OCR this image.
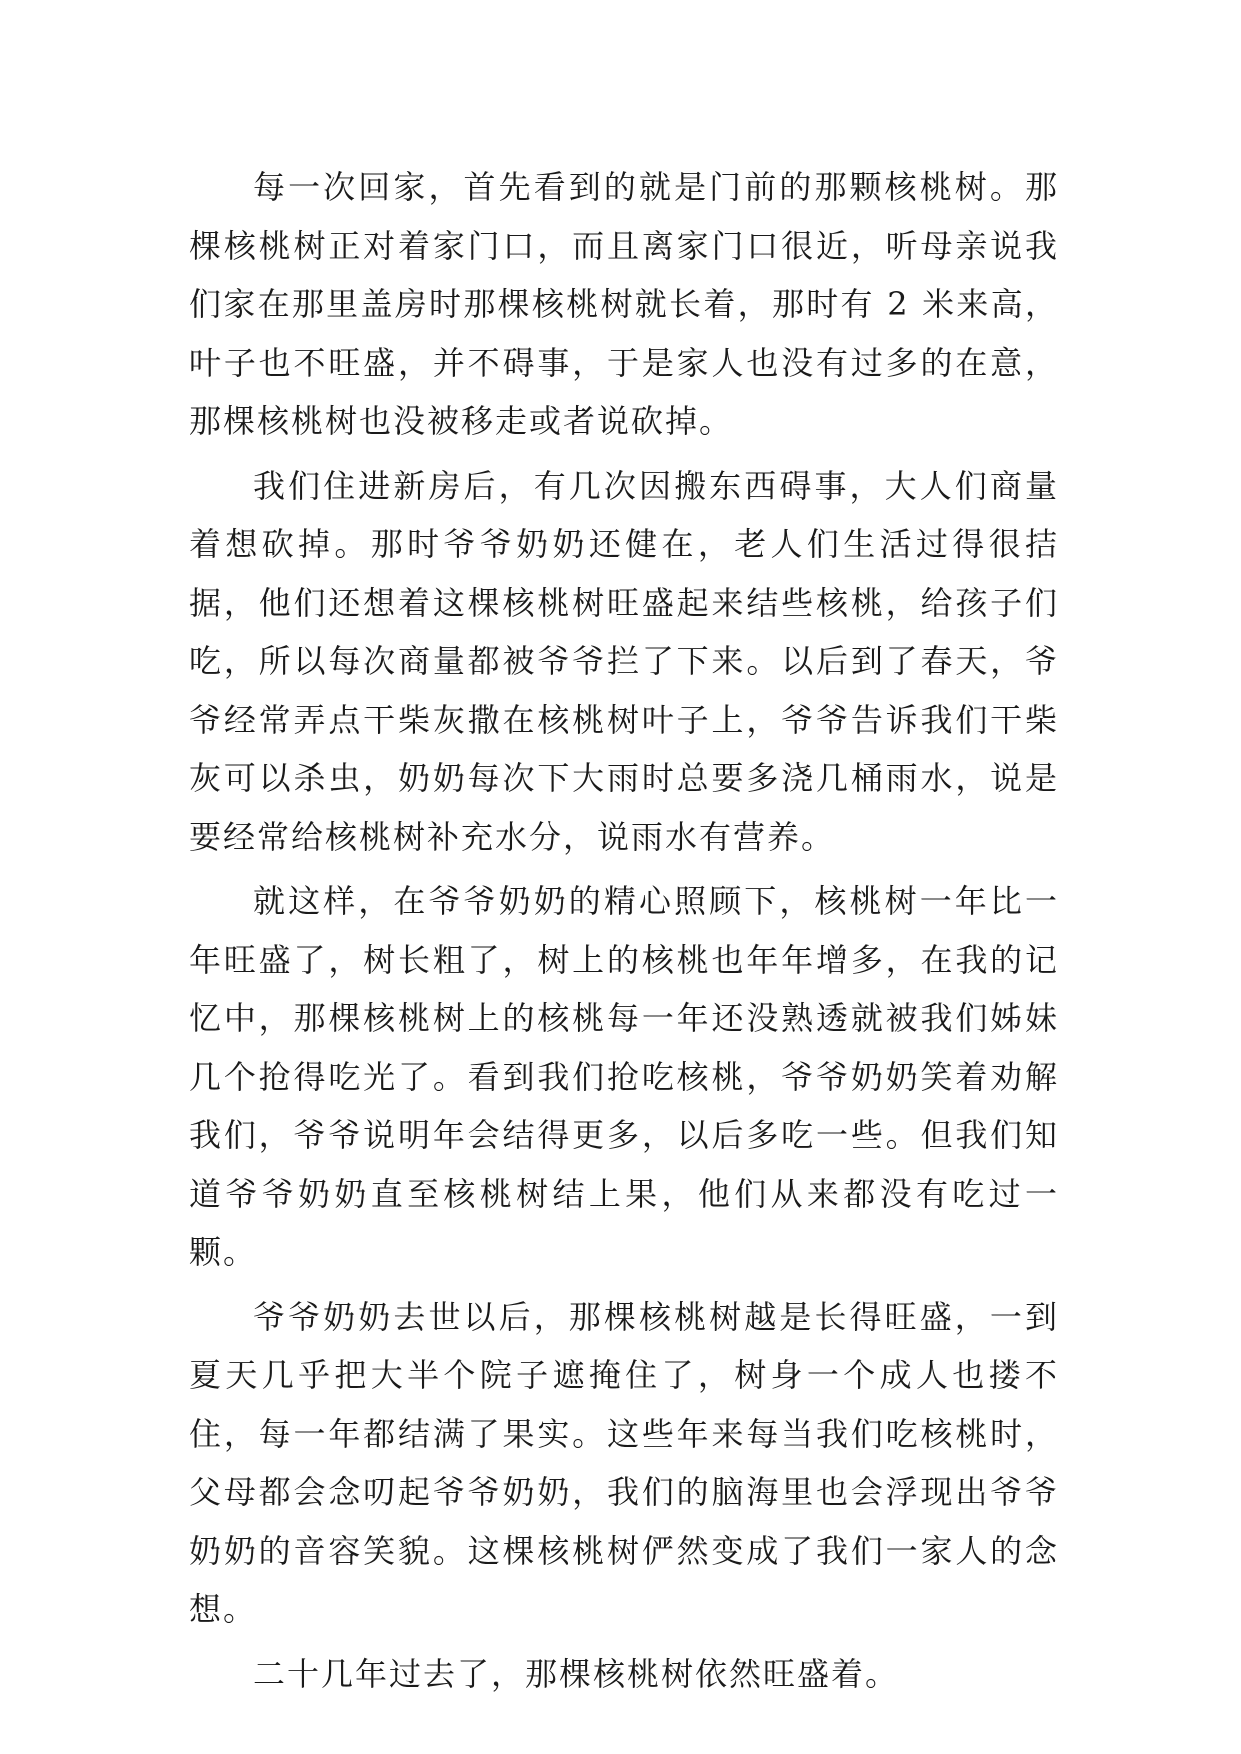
每一次回家，首先看到的就是门前的那颗核桃树。那棵核桃树正对着家门口，而且离家门口很近，听母亲说我们家在那里盖房时那棵核桃树就长着，那时有 2 米来高，叶子也不旺盛，并不碍事，于是家人也没有过多的在意，那棵核桃树也没被移走或者说砍掉。

我们住进新房后，有几次因搬东西碍事，大人们商量着想砍掉。那时爷爷奶奶还健在，老人们生活过得很拮据，他们还想着这棵核桃树旺盛起来结些核桃，给孩子们吃，所以每次商量都被爷爷拦了下来。以后到了春天，爷爷经常弄点干柴灰撒在核桃树叶子上，爷爷告诉我们干柴灰可以杀虫，奶奶每次下大雨时总要多浇几桶雨水，说是要经常给核桃树补充水分，说雨水有营养。

就这样，在爷爷奶奶的精心照顾下，核桃树一年比一年旺盛了，树长粗了，树上的核桃也年年增多，在我的记忆中，那棵核桃树上的核桃每一年还没熟透就被我们姊妹几个抢得吃光了。看到我们抢吃核桃，爷爷奶奶笑着劝解我们，爷爷说明年会结得更多，以后多吃一些。但我们知道爷爷奶奶直至核桃树结上果，他们从来都没有吃过一颗。

爷爷奶奶去世以后，那棵核桃树越是长得旺盛，一到夏天几乎把大半个院子遮掩住了，树身一个成人也搂不住，每一年都结满了果实。这些年来每当我们吃核桃时，父母都会念叨起爷爷奶奶，我们的脑海里也会浮现出爷爷奶奶的音容笑貌。这棵核桃树俨然变成了我们一家人的念想。

二十几年过去了，那棵核桃树依然旺盛着。
